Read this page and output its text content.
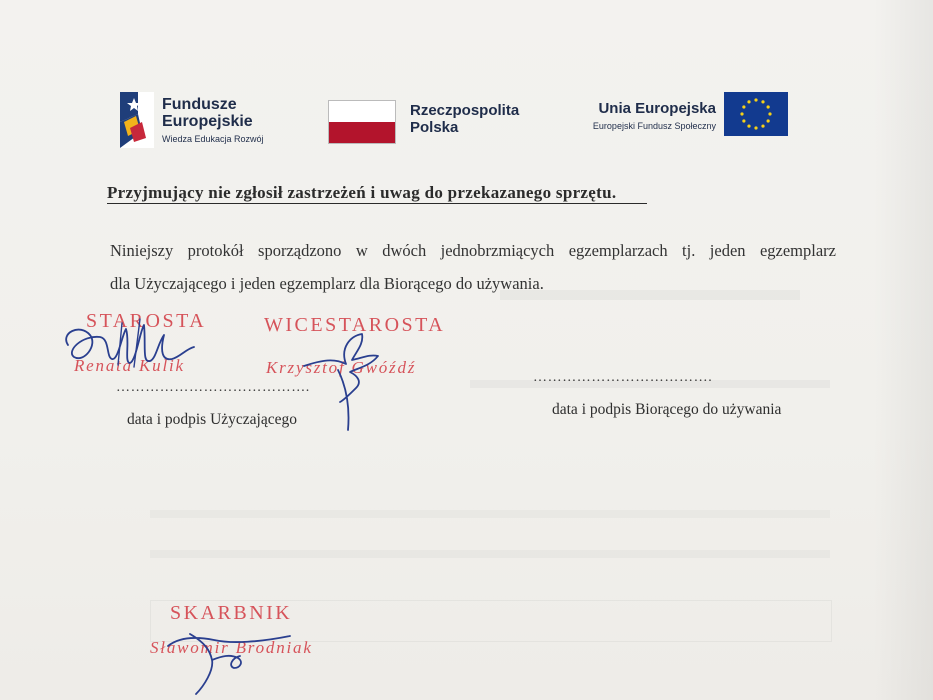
Fundusze
Europejskie
Wiedza Edukacja Rozwój
Rzeczpospolita
Polska
Unia Europejska
Europejski Fundusz Społeczny
Przyjmujący nie zgłosił zastrzeżeń i uwag do przekazanego sprzętu.
Niniejszy protokół sporządzono w dwóch jednobrzmiących egzemplarzach tj. jeden egzemplarz
dla Użyczającego i jeden egzemplarz dla Biorącego do używania.
STAROSTA
Renata Kulik
WICESTAROSTA
Krzysztof Gwóźdź
SKARBNIK
Sławomir Brodniak
………………………………….
data i podpis Użyczającego
……………………………….
data i podpis Biorącego do używania
